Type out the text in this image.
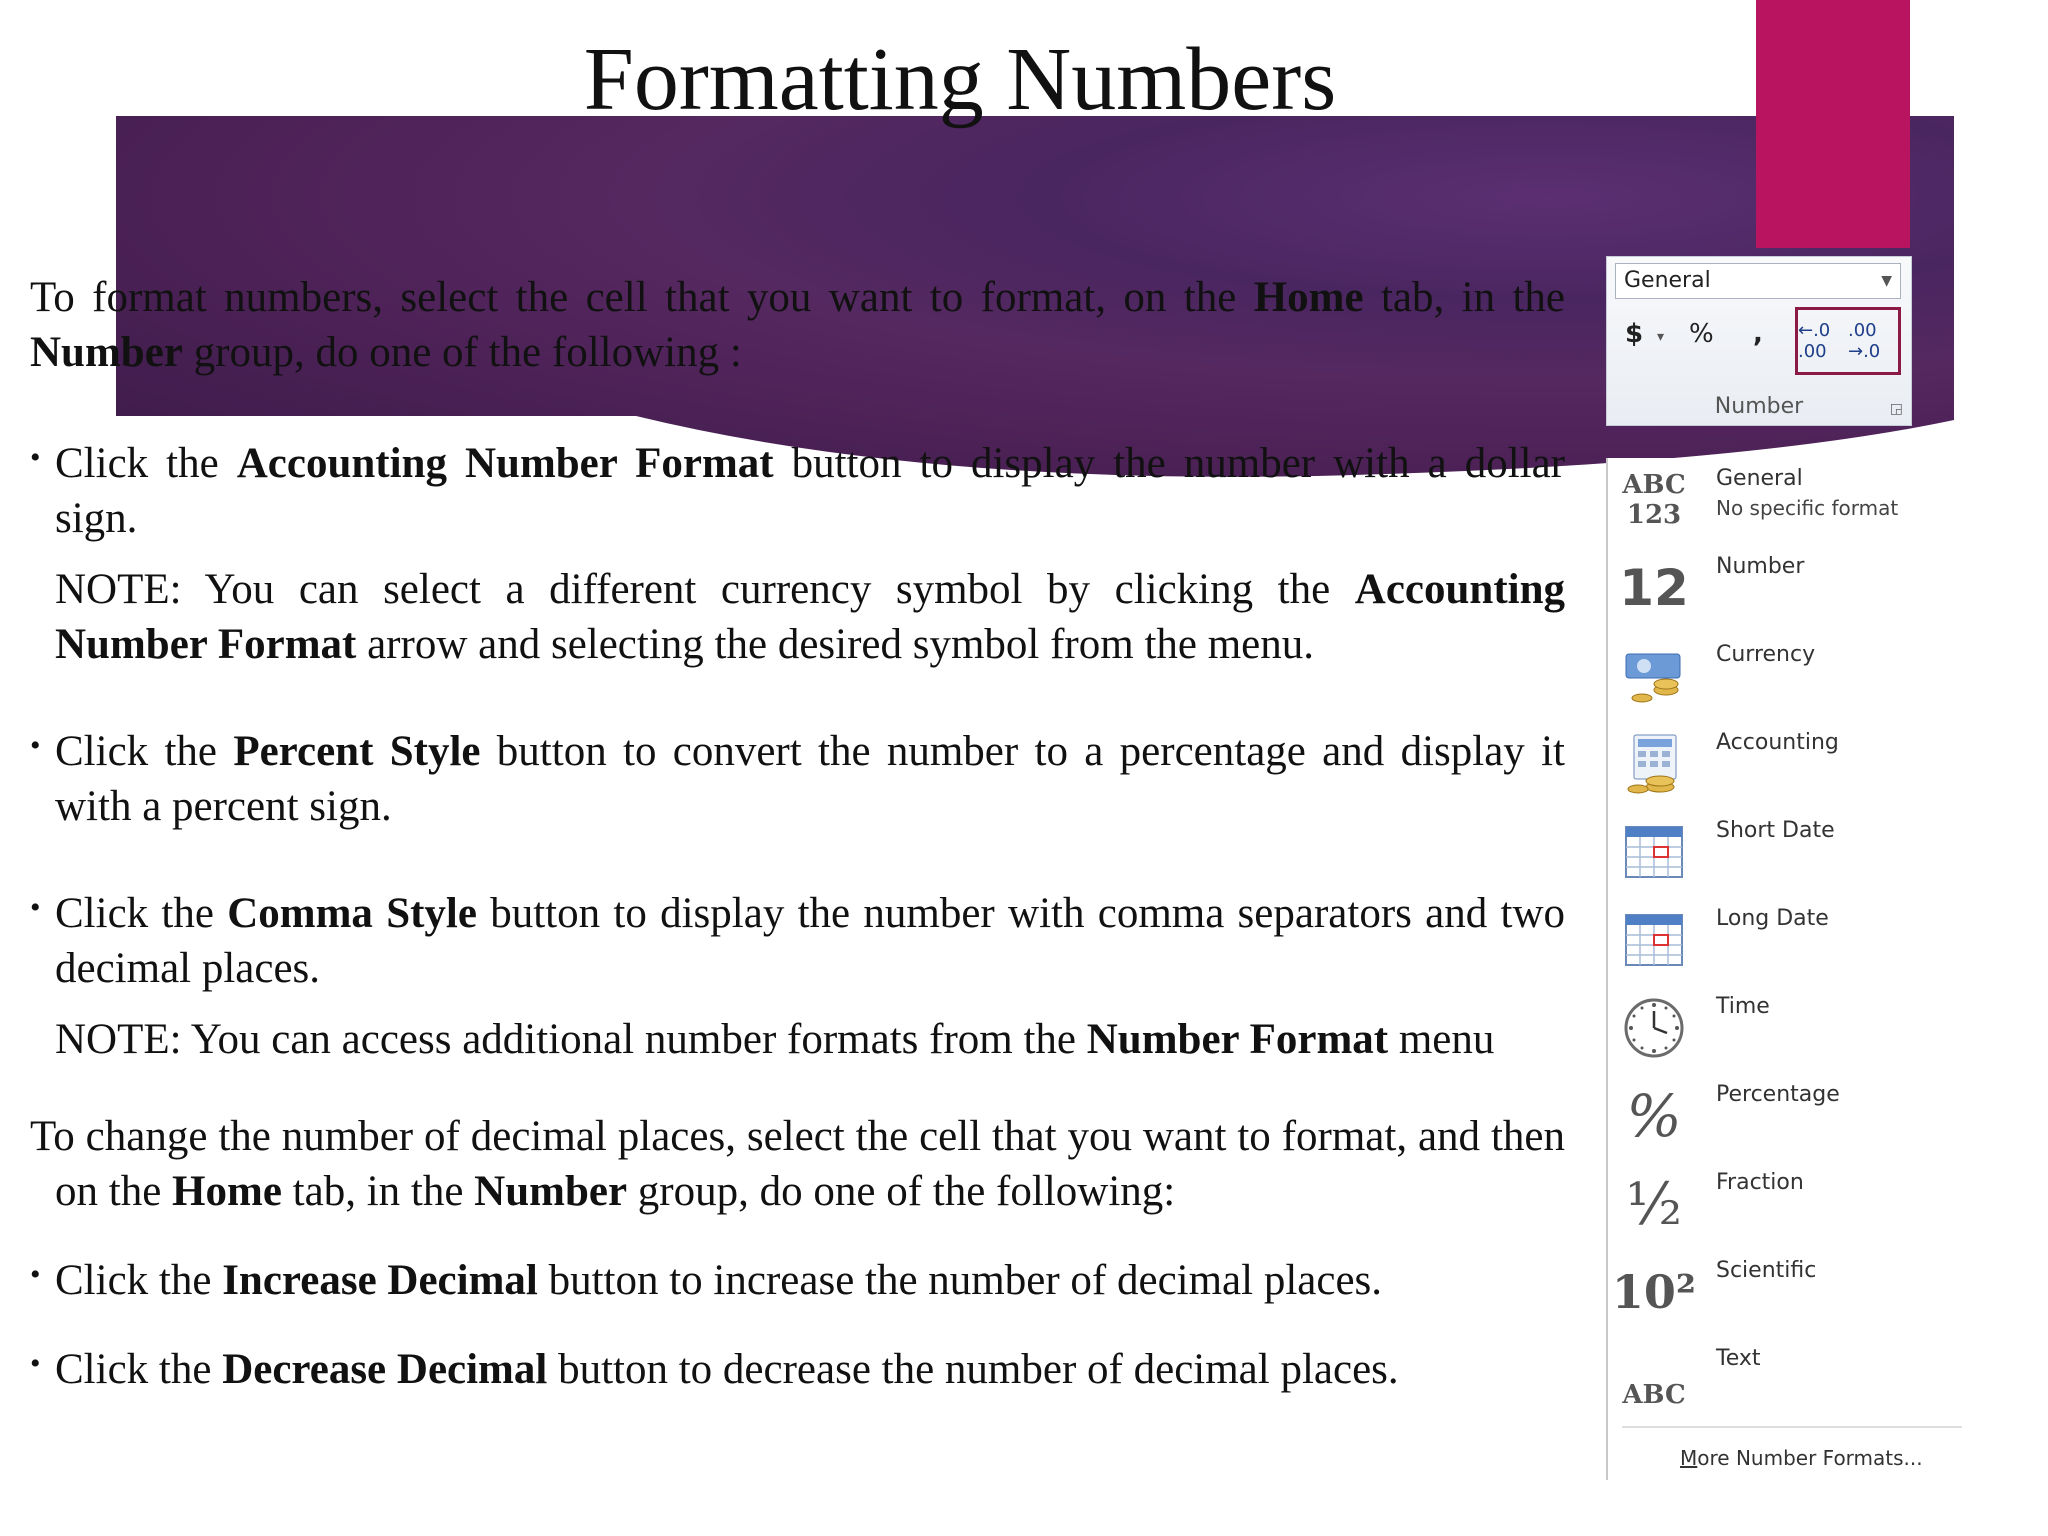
Formatting Numbers

To format numbers, select the cell that you want to format, on the Home tab, in the Number group, do one of the following :

• Click the Accounting Number Format button to display the number with a dollar sign.

NOTE: You can select a different currency symbol by clicking the Accounting Number Format arrow and selecting the desired symbol from the menu.

• Click the Percent Style button to convert the number to a percentage and display it with a percent sign.

• Click the Comma Style button to display the number with comma separators and two decimal places.

NOTE: You can access additional number formats from the Number Format menu

To change the number of decimal places, select the cell that you want to format, and then on the Home tab, in the Number group, do one of the following:

• Click the Increase Decimal button to increase the number of decimal places.

• Click the Decrease Decimal button to decrease the number of decimal places.

General	▼
$ ▾ % , ←.0 .00
.00 →.0
Number	◲
ABC 123
General
No specific format
12 Number
Currency
Accounting
Short Date
Long Date
Time
% Percentage
½ Fraction
10² Scientific
ABC
Text
More Number Formats...
